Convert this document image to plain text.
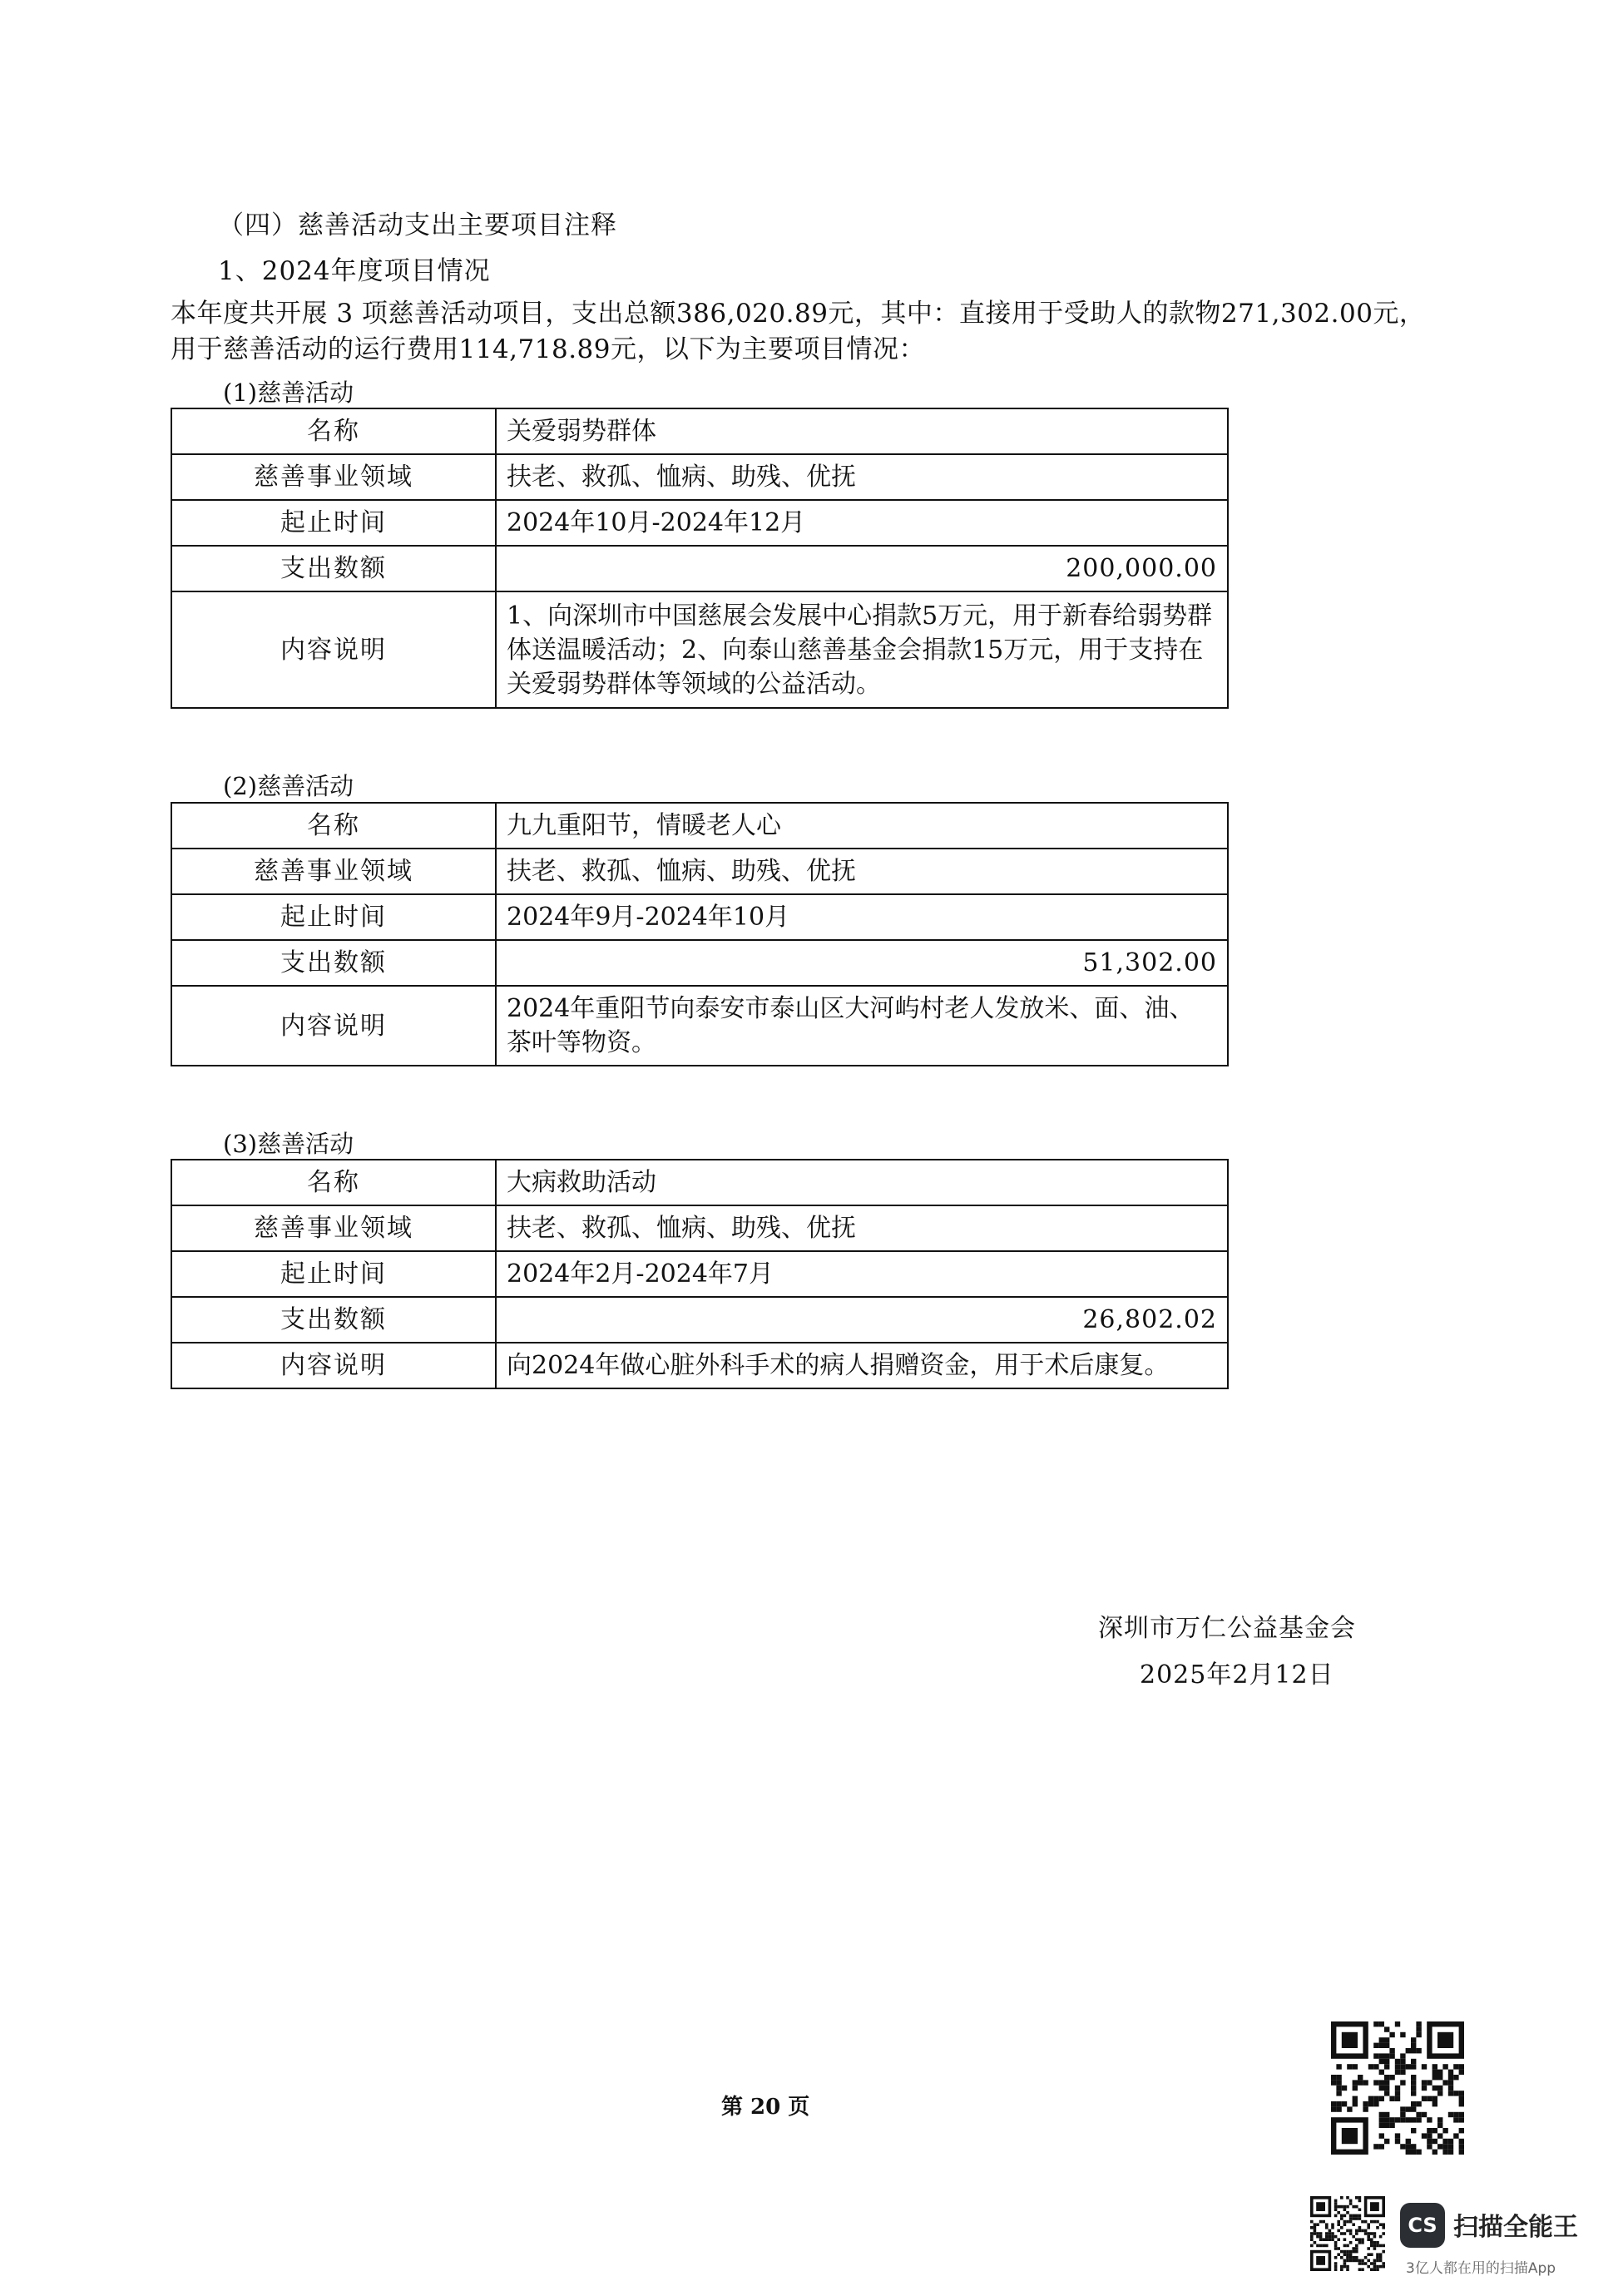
（四）慈善活动支出主要项目注释
1、2024年度项目情况
本年度共开展 3 项慈善活动项目，支出总额386,020.89元，其中：直接用于受助人的款物271,302.00元，
用于慈善活动的运行费用114,718.89元，以下为主要项目情况：
(1)慈善活动
名称	关爱弱势群体
慈善事业领域	扶老、救孤、恤病、助残、优抚
起止时间	2024年10月-2024年12月
支出数额	200,000.00
内容说明	1、向深圳市中国慈展会发展中心捐款5万元，用于新春给弱势群体送温暖活动；2、向泰山慈善基金会捐款15万元，用于支持在关爱弱势群体等领域的公益活动。
(2)慈善活动
名称	九九重阳节，情暖老人心
慈善事业领域	扶老、救孤、恤病、助残、优抚
起止时间	2024年9月-2024年10月
支出数额	51,302.00
内容说明	2024年重阳节向泰安市泰山区大河屿村老人发放米、面、油、茶叶等物资。
(3)慈善活动
名称	大病救助活动
慈善事业领域	扶老、救孤、恤病、助残、优抚
起止时间	2024年2月-2024年7月
支出数额	26,802.02
内容说明	向2024年做心脏外科手术的病人捐赠资金，用于术后康复。
深圳市万仁公益基金会
2025年2月12日
第 20 页
CS 扫描全能王
3亿人都在用的扫描App
